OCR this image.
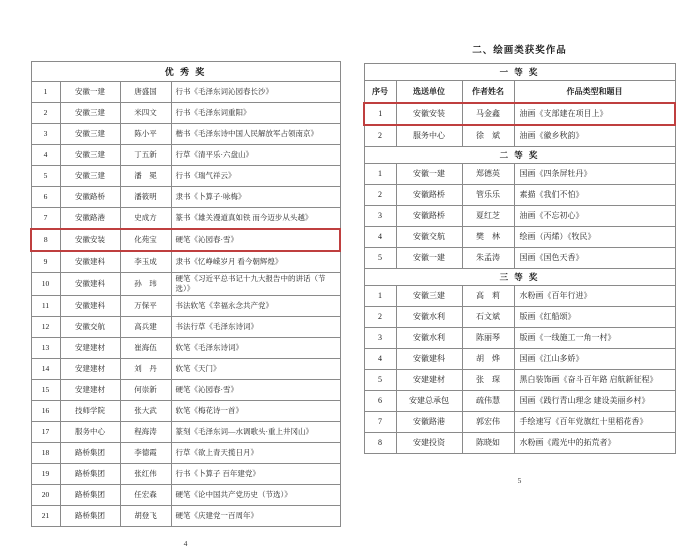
优 秀 奖			
1	安徽一建	唐盛国	行书《毛泽东词沁园春长沙》
2	安徽三建	米四文	行书《毛泽东词重阳》
3	安徽三建	陈小平	楷书《毛泽东诗中国人民解放军占领南京》
4	安徽三建	丁五新	行草《清平乐·六盘山》
5	安徽三建	潘　冕	行书《瑞气祥云》
6	安徽路桥	潘筱明	隶书《卜算子·咏梅》
7	安徽路港	史成方	篆书《雄关漫道真如铁 而今迈步从头越》
8	安徽安装	化苑宝	硬笔《沁园春·雪》
9	安徽建科	李玉成	隶书《忆峥嵘岁月 看今朝辉煌》
10	安徽建科	孙　玮	硬笔《习近平总书记十九大报告中的讲话（节选）》
11	安徽建科	万保平	书法软笔《幸福永念共产党》
12	安徽交航	高兵建	书法行草《毛泽东诗词》
13	安建建材	崔海伍	软笔《毛泽东诗词》
14	安建建材	刘　丹	软笔《天门》
15	安建建材	何崇新	硬笔《沁园春·雪》
16	技师学院	张大武	软笔《梅花诗一首》
17	服务中心	程海涛	篆刻《毛泽东词—水调歌头·重上井冈山》
18	路桥集团	李德霞	行草《欲上青天揽日月》
19	路桥集团	张红伟	行书《卜算子 百年建党》
20	路桥集团	任宏森	硬笔《论中国共产党历史（节选）》
21	路桥集团	胡登飞	硬笔《庆建党一百周年》
4
二、绘画类获奖作品
一 等 奖			
序号	选送单位	作者姓名	作品类型和题目
1	安徽安装	马金鑫	油画《支部建在项目上》
2	服务中心	徐　斌	油画《徽乡秋韵》
二 等 奖			
1	安徽一建	郑德英	国画《四条屏牡丹》
2	安徽路桥	管乐乐	素描《我们不怕》
3	安徽路桥	夏红芝	油画《不忘初心》
4	安徽交航	樊　林	绘画（丙烯）《牧民》
5	安徽一建	朱孟涛	国画《国色天香》
三 等 奖			
1	安徽三建	高　莉	水粉画《百年行进》
2	安徽水利	石文斌	版画《红船颂》
3	安徽水利	陈丽琴	版画《一线施工一角一村》
4	安徽建科	胡　烨	国画《江山多娇》
5	安建建材	张　琛	黑白装饰画《奋斗百年路 启航新征程》
6	安建总承包	疏伟慧	国画《践行青山理念 建设美丽乡村》
7	安徽路港	郭宏伟	手绘速写《百年党旗红十里稻花香》
8	安建投资	陈晓如	水粉画《霞光中的拓荒者》
5
